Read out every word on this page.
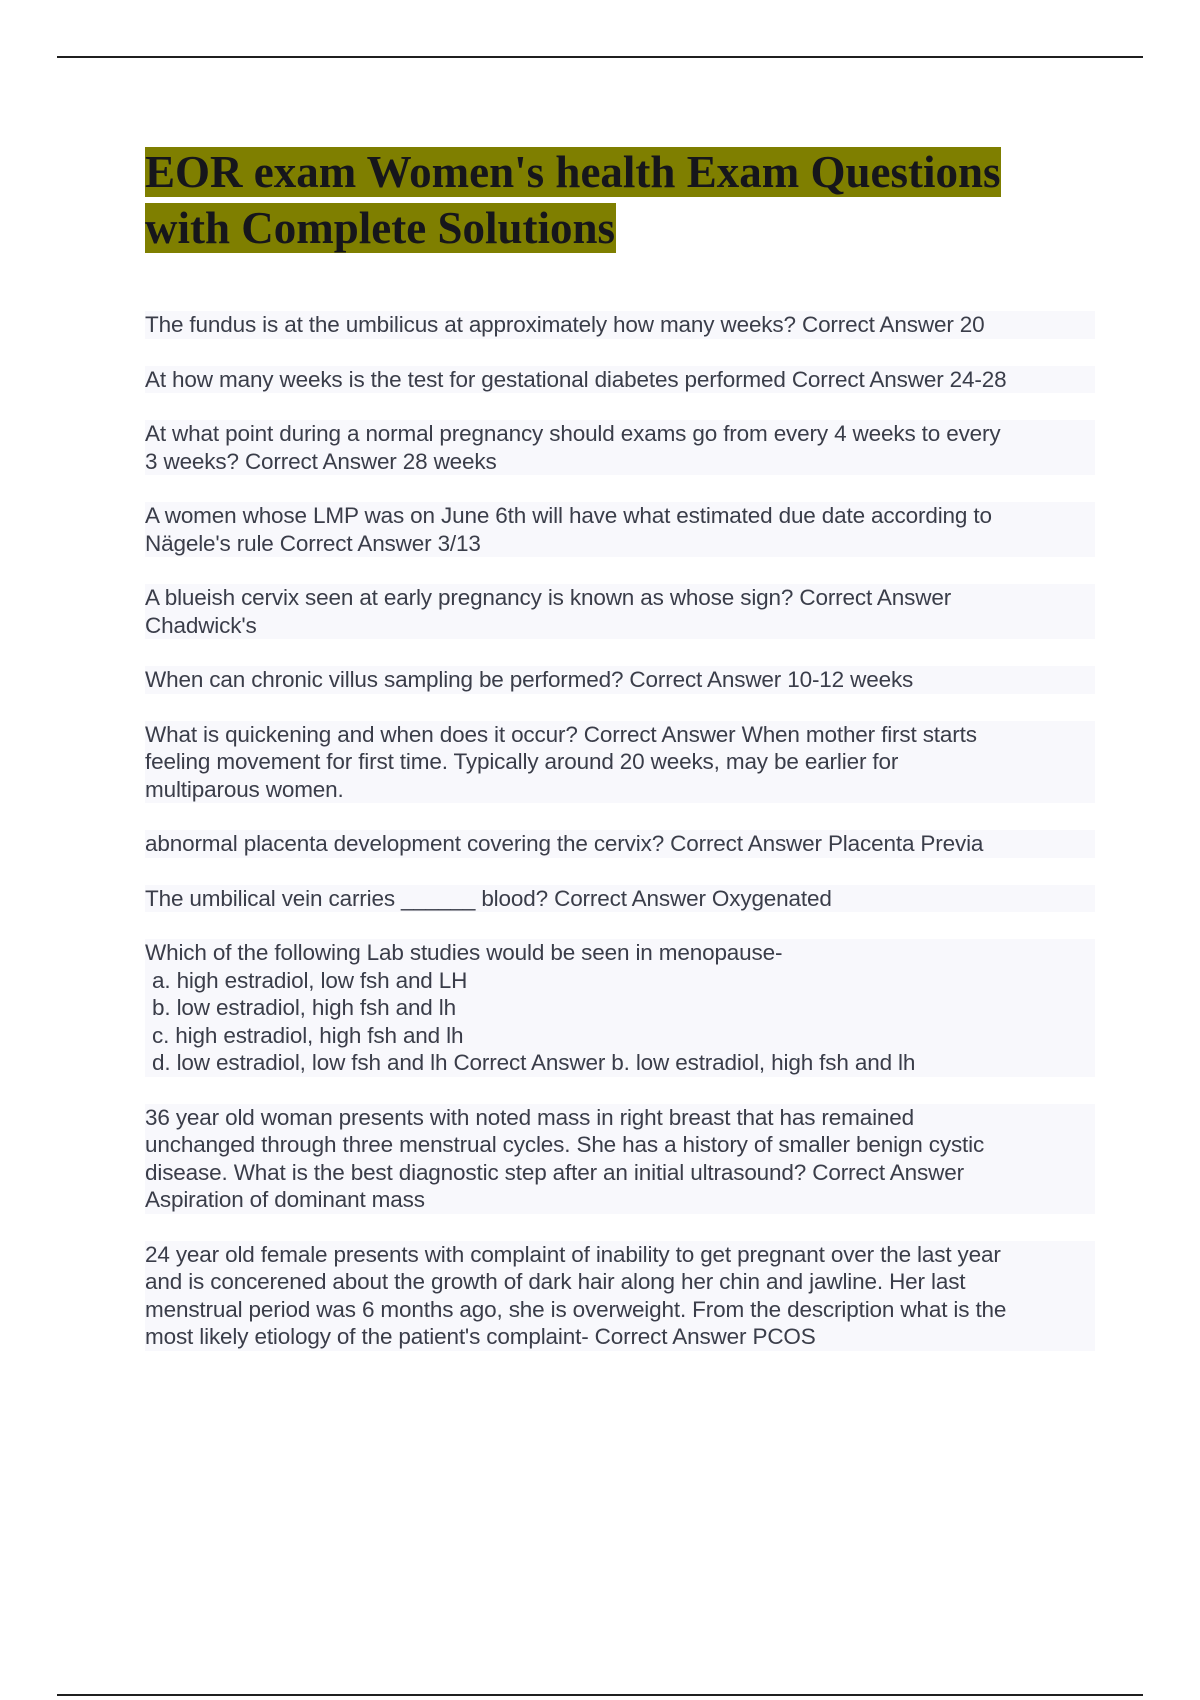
EOR exam Women's health Exam Questions
with Complete Solutions

The fundus is at the umbilicus at approximately how many weeks? Correct Answer 20

At how many weeks is the test for gestational diabetes performed Correct Answer 24-28

At what point during a normal pregnancy should exams go from every 4 weeks to every
3 weeks? Correct Answer 28 weeks

A women whose LMP was on June 6th will have what estimated due date according to
Nägele's rule Correct Answer 3/13

A blueish cervix seen at early pregnancy is known as whose sign? Correct Answer
Chadwick's

When can chronic villus sampling be performed? Correct Answer 10-12 weeks

What is quickening and when does it occur? Correct Answer When mother first starts
feeling movement for first time. Typically around 20 weeks, may be earlier for
multiparous women.

abnormal placenta development covering the cervix? Correct Answer Placenta Previa

The umbilical vein carries ______ blood? Correct Answer Oxygenated

Which of the following Lab studies would be seen in menopause-
a. high estradiol, low fsh and LH
b. low estradiol, high fsh and lh
c. high estradiol, high fsh and lh
d. low estradiol, low fsh and lh Correct Answer b. low estradiol, high fsh and lh

36 year old woman presents with noted mass in right breast that has remained
unchanged through three menstrual cycles. She has a history of smaller benign cystic
disease. What is the best diagnostic step after an initial ultrasound? Correct Answer
Aspiration of dominant mass

24 year old female presents with complaint of inability to get pregnant over the last year
and is concerened about the growth of dark hair along her chin and jawline. Her last
menstrual period was 6 months ago, she is overweight. From the description what is the
most likely etiology of the patient's complaint- Correct Answer PCOS
